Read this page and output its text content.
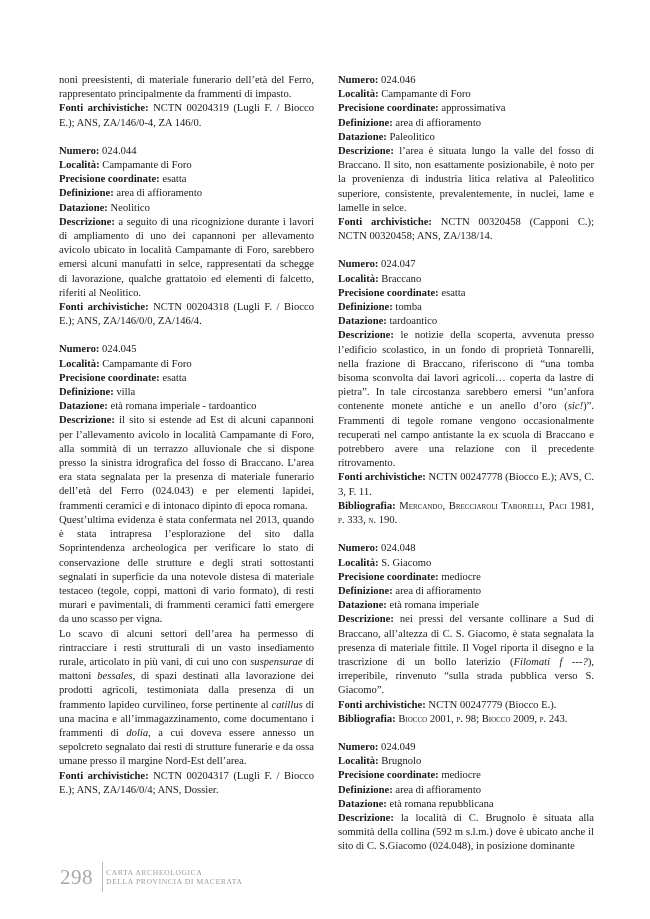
noni preesistenti, di materiale funerario dell’età del Ferro, rappresentato principalmente da frammenti di impasto.

Fonti archivistiche: NCTN 00204319 (Lugli F. / Biocco E.); ANS, ZA/146/0-4, ZA 146/0.

Numero: 024.044

Località: Campamante di Foro

Precisione coordinate: esatta

Definizione: area di affioramento

Datazione: Neolitico

Descrizione: a seguito di una ricognizione durante i lavori di ampliamento di uno dei capannoni per allevamento avicolo ubicato in località Campamante di Foro, sarebbero emersi alcuni manufatti in selce, rappresentati da schegge di lavorazione, qualche grattatoio ed elementi di falcetto, riferiti al Neolitico.

Fonti archivistiche: NCTN 00204318 (Lugli F. / Biocco E.); ANS, ZA/146/0/0, ZA/146/4.

Numero: 024.045

Località: Campamante di Foro

Precisione coordinate: esatta

Definizione: villa

Datazione: età romana imperiale - tardoantico

Descrizione: il sito si estende ad Est di alcuni capannoni per l’allevamento avicolo in località Campamante di Foro, alla sommità di un terrazzo alluvionale che si dispone presso la sinistra idrografica del fosso di Braccano. L’area era stata segnalata per la presenza di materiale funerario dell’età del Ferro (024.043) e per elementi lapidei, frammenti ceramici e di intonaco dipinto di epoca romana.

Quest’ultima evidenza è stata confermata nel 2013, quando è stata intrapresa l’esplorazione del sito dalla Soprintendenza archeologica per verificare lo stato di conservazione delle strutture e degli strati sottostanti segnalati in superficie da una notevole distesa di materiale testaceo (tegole, coppi, mattoni di vario formato), di resti murari e pavimentali, di frammenti ceramici fatti emergere da uno scasso per vigna.

Lo scavo di alcuni settori dell’area ha permesso di rintracciare i resti strutturali di un vasto insediamento rurale, articolato in più vani, di cui uno con suspensurae di mattoni bessales, di spazi destinati alla lavorazione dei prodotti agricoli, testimoniata dalla presenza di un frammento lapideo curvilineo, forse pertinente al catillus di una macina e all’immagazzinamento, come documentano i frammenti di dolia, a cui doveva essere annesso un sepolcreto segnalato dai resti di strutture funerarie e da ossa umane presso il margine Nord-Est dell’area.

Fonti archivistiche: NCTN 00204317 (Lugli F. / Biocco E.); ANS, ZA/146/0/4; ANS, Dossier.

Numero: 024.046

Località: Campamante di Foro

Precisione coordinate: approssimativa

Definizione: area di affioramento

Datazione: Paleolitico

Descrizione: l’area è situata lungo la valle del fosso di Braccano. Il sito, non esattamente posizionabile, è noto per la provenienza di industria litica relativa al Paleolitico superiore, consistente, prevalentemente, in nuclei, lame e lamelle in selce.

Fonti archivistiche: NCTN 00320458 (Capponi C.); NCTN 00320458; ANS, ZA/138/14.

Numero: 024.047

Località: Braccano

Precisione coordinate: esatta

Definizione: tomba

Datazione: tardoantico

Descrizione: le notizie della scoperta, avvenuta presso l’edificio scolastico, in un fondo di proprietà Tonnarelli, nella frazione di Braccano, riferiscono di “una tomba bisoma sconvolta dai lavori agricoli… coperta da lastre di pietra”. In tale circostanza sarebbero emersi “un’anfora contenente monete antiche e un anello d’oro (sic!)”. Frammenti di tegole romane vengono occasionalmente recuperati nel campo antistante la ex scuola di Braccano e potrebbero avere una relazione con il precedente ritrovamento.

Fonti archivistiche: NCTN 00247778 (Biocco E.); AVS, C. 3, F. 11.

Bibliografia: Mercando, Brecciaroli Taborelli, Paci 1981, p. 333, n. 190.

Numero: 024.048

Località: S. Giacomo

Precisione coordinate: mediocre

Definizione: area di affioramento

Datazione: età romana imperiale

Descrizione: nei pressi del versante collinare a Sud di Braccano, all’altezza di C. S. Giacomo, è stata segnalata la presenza di materiale fittile. Il Vogel riporta il disegno e la trascrizione di un bollo laterizio (Filomati f ---?), irreperibile, rinvenuto “sulla strada pubblica verso S. Giacomo”.

Fonti archivistiche: NCTN 00247779 (Biocco E.).

Bibliografia: Biocco 2001, p. 98; Biocco 2009, p. 243.

Numero: 024.049

Località: Brugnolo

Precisione coordinate: mediocre

Definizione: area di affioramento

Datazione: età romana repubblicana

Descrizione: la località di C. Brugnolo è situata alla sommità della collina (592 m s.l.m.) dove è ubicato anche il sito di C. S.Giacomo (024.048), in posizione dominante

298 CARTA ARCHEOLOGICA
DELLA PROVINCIA DI MACERATA
